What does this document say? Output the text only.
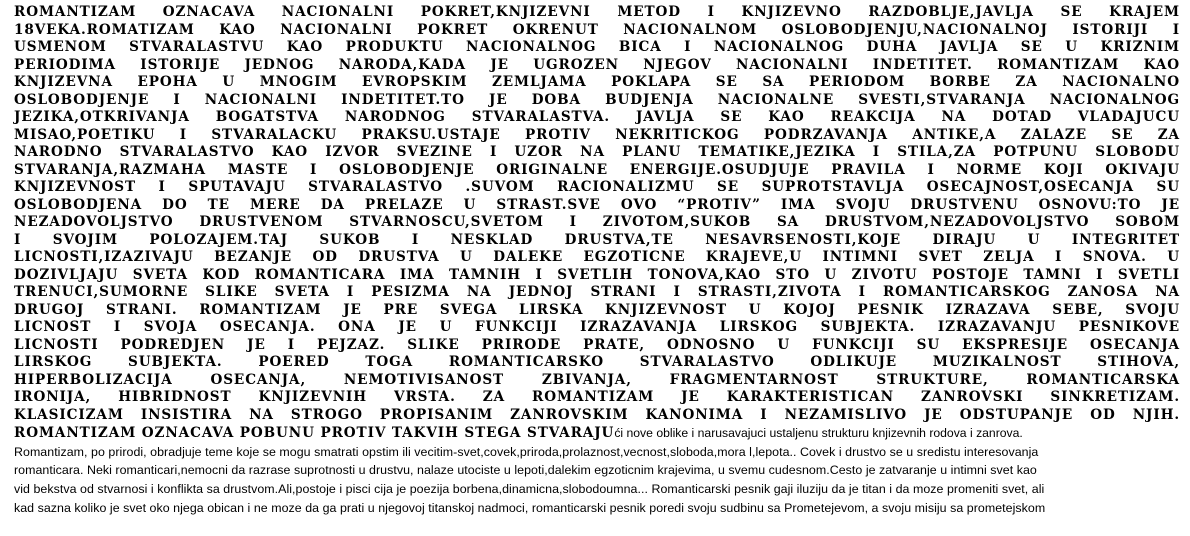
ROMANTIZAM OZNACAVA NACIONALNI POKRET,KNJIZEVNI METOD I KNJIZEVNO RAZDOBLJE,JAVLJA SE KRAJEM

18VEKA.ROMATIZAM KAO NACIONALNI POKRET OKRENUT NACIONALNOM OSLOBODJENJU,NACIONALNOJ ISTORIJI I

USMENOM STVARALASTVU KAO PRODUKTU NACIONALNOG BICA I NACIONALNOG DUHA JAVLJA SE U KRIZNIM

PERIODIMA ISTORIJE JEDNOG NARODA,KADA JE UGROZEN NJEGOV NACIONALNI INDETITET. ROMANTIZAM KAO

KNJIZEVNA EPOHA U MNOGIM EVROPSKIM ZEMLJAMA POKLAPA SE SA PERIODOM BORBE ZA NACIONALNO

OSLOBODJENJE I NACIONALNI INDETITET.TO JE DOBA BUDJENJA NACIONALNE SVESTI,STVARANJA NACIONALNOG

JEZIKA,OTKRIVANJA BOGATSTVA NARODNOG STVARALASTVA. JAVLJA SE KAO REAKCIJA NA DOTAD VLADAJUCU

MISAO,POETIKU I STVARALACKU PRAKSU.USTAJE PROTIV NEKRITICKOG PODRZAVANJA ANTIKE,A ZALAZE SE ZA

NARODNO STVARALASTVO KAO IZVOR SVEZINE I UZOR NA PLANU TEMATIKE,JEZIKA I STILA,ZA POTPUNU SLOBODU

STVARANJA,RAZMAHA MASTE I OSLOBODJENJE ORIGINALNE ENERGIJE.OSUDJUJE PRAVILA I NORME KOJI OKIVAJU

KNJIZEVNOST I SPUTAVAJU STVARALASTVO .SUVOM RACIONALIZMU SE SUPROTSTAVLJA OSECAJNOST,OSECANJA SU

OSLOBODJENA DO TE MERE DA PRELAZE U STRAST.SVE OVO “PROTIV” IMA SVOJU DRUSTVENU OSNOVU:TO JE

NEZADOVOLJSTVO DRUSTVENOM STVARNOSCU,SVETOM I ZIVOTOM,SUKOB SA DRUSTVOM,NEZADOVOLJSTVO SOBOM

I SVOJIM POLOZAJEM.TAJ SUKOB I NESKLAD DRUSTVA,TE NESAVRSENOSTI,KOJE DIRAJU U INTEGRITET

LICNOSTI,IZAZIVAJU BEZANJE OD DRUSTVA U DALEKE EGZOTICNE KRAJEVE,U INTIMNI SVET ZELJA I SNOVA. U

DOZIVLJAJU SVETA KOD ROMANTICARA IMA TAMNIH I SVETLIH TONOVA,KAO STO U ZIVOTU POSTOJE TAMNI I SVETLI

TRENUCI,SUMORNE SLIKE SVETA I PESIZMA NA JEDNOJ STRANI I STRASTI,ZIVOTA I ROMANTICARSKOG ZANOSA NA

DRUGOJ STRANI. ROMANTIZAM JE PRE SVEGA LIRSKA KNJIZEVNOST U KOJOJ PESNIK IZRAZAVA SEBE, SVOJU

LICNOST I SVOJA OSECANJA. ONA JE U FUNKCIJI IZRAZAVANJA LIRSKOG SUBJEKTA. IZRAZAVANJU PESNIKOVE

LICNOSTI PODREDJEN JE I PEJZAZ. SLIKE PRIRODE PRATE, ODNOSNO U FUNKCIJI SU EKSPRESIJE OSECANJA

LIRSKOG SUBJEKTA. POERED TOGA ROMANTICARSKO STVARALASTVO ODLIKUJE MUZIKALNOST STIHOVA,

HIPERBOLIZACIJA OSECANJA, NEMOTIVISANOST ZBIVANJA, FRAGMENTARNOST STRUKTURE, ROMANTICARSKA

IRONIJA, HIBRIDNOST KNJIZEVNIH VRSTA. ZA ROMANTIZAM JE KARAKTERISTICAN ZANROVSKI SINKRETIZAM.

KLASICIZAM INSISTIRA NA STROGO PROPISANIM ZANROVSKIM KANONIMA I NEZAMISLIVO JE ODSTUPANJE OD NJIH.

ROMANTIZAM OZNACAVA POBUNU PROTIV TAKVIH STEGA STVARAJUći nove oblike i narusavajuci ustaljenu strukturu knjizevnih rodova i zanrova.

Romantizam, po prirodi, obradjuje teme koje se mogu smatrati opstim ili vecitim-svet,covek,priroda,prolaznost,vecnost,sloboda,mora l,lepota.. Covek i drustvo se u sredistu interesovanja

romanticara. Neki romanticari,nemocni da razrase suprotnosti u drustvu, nalaze utociste u lepoti,dalekim egzoticnim krajevima, u svemu cudesnom.Cesto je zatvaranje u intimni svet kao

vid bekstva od stvarnosi i konflikta sa drustvom.Ali,postoje i pisci cija je poezija borbena,dinamicna,slobodoumna... Romanticarski pesnik gaji iluziju da je titan i da moze promeniti svet, ali

kad sazna koliko je svet oko njega obican i ne moze da ga prati u njegovoj titanskoj nadmoci, romanticarski pesnik poredi svoju sudbinu sa Prometejevom, a svoju misiju sa prometejskom
